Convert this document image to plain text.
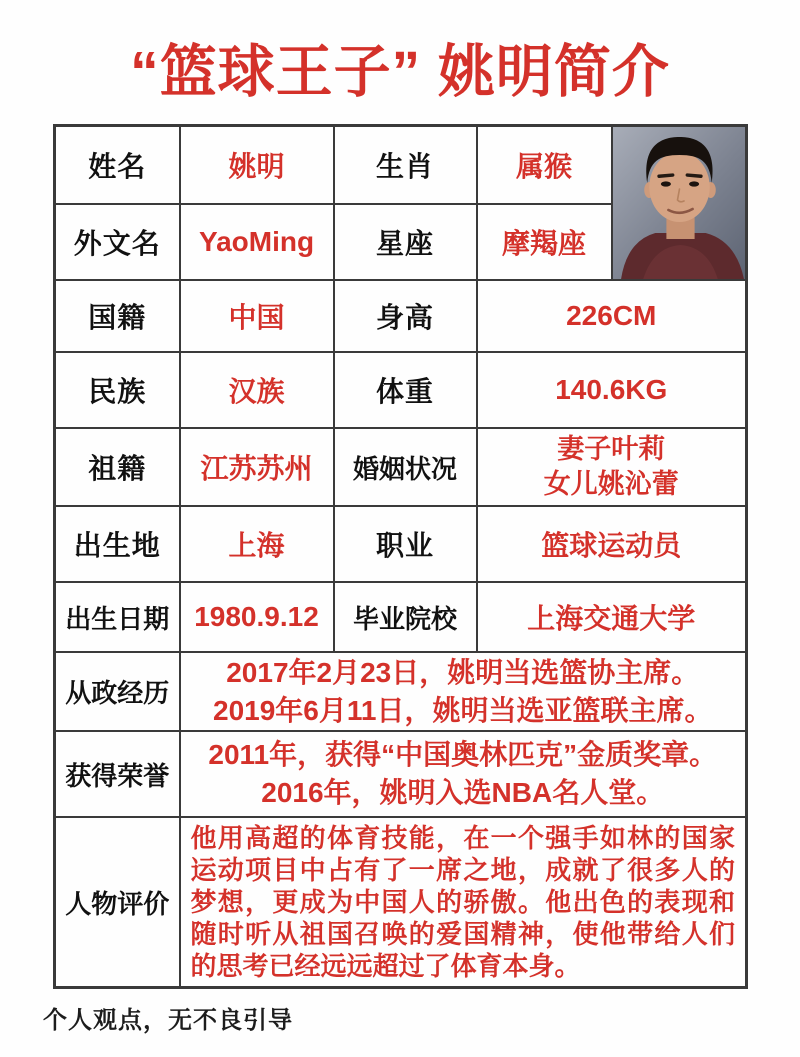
“篮球王子” 姚明简介
姓名	姚明	生肖	属猴	

外文名	YaoMing	星座	摩羯座	
国籍	中国	身高	226CM	
民族	汉族	体重	140.6KG	
祖籍	江苏苏州	婚姻状况	妻子叶莉
女儿姚沁蕾	

出生地	上海	职业	篮球运动员	
出生日期	1980.9.12	毕业院校	上海交通大学	
从政经历	2017年2月23日，姚明当选篮协主席。
2019年6月11日，姚明当选亚篮联主席。			

获得荣誉	2011年，获得“中国奥林匹克”金质奖章。
2016年，姚明入选NBA名人堂。			

人物评价	他用高超的体育技能，在一个强手如林的国家运动项目中占有了一席之地，成就了很多人的梦想，更成为中国人的骄傲。他出色的表现和随时听从祖国召唤的爱国精神，使他带给人们的思考已经远远超过了体育本身。			
个人观点，无不良引导
